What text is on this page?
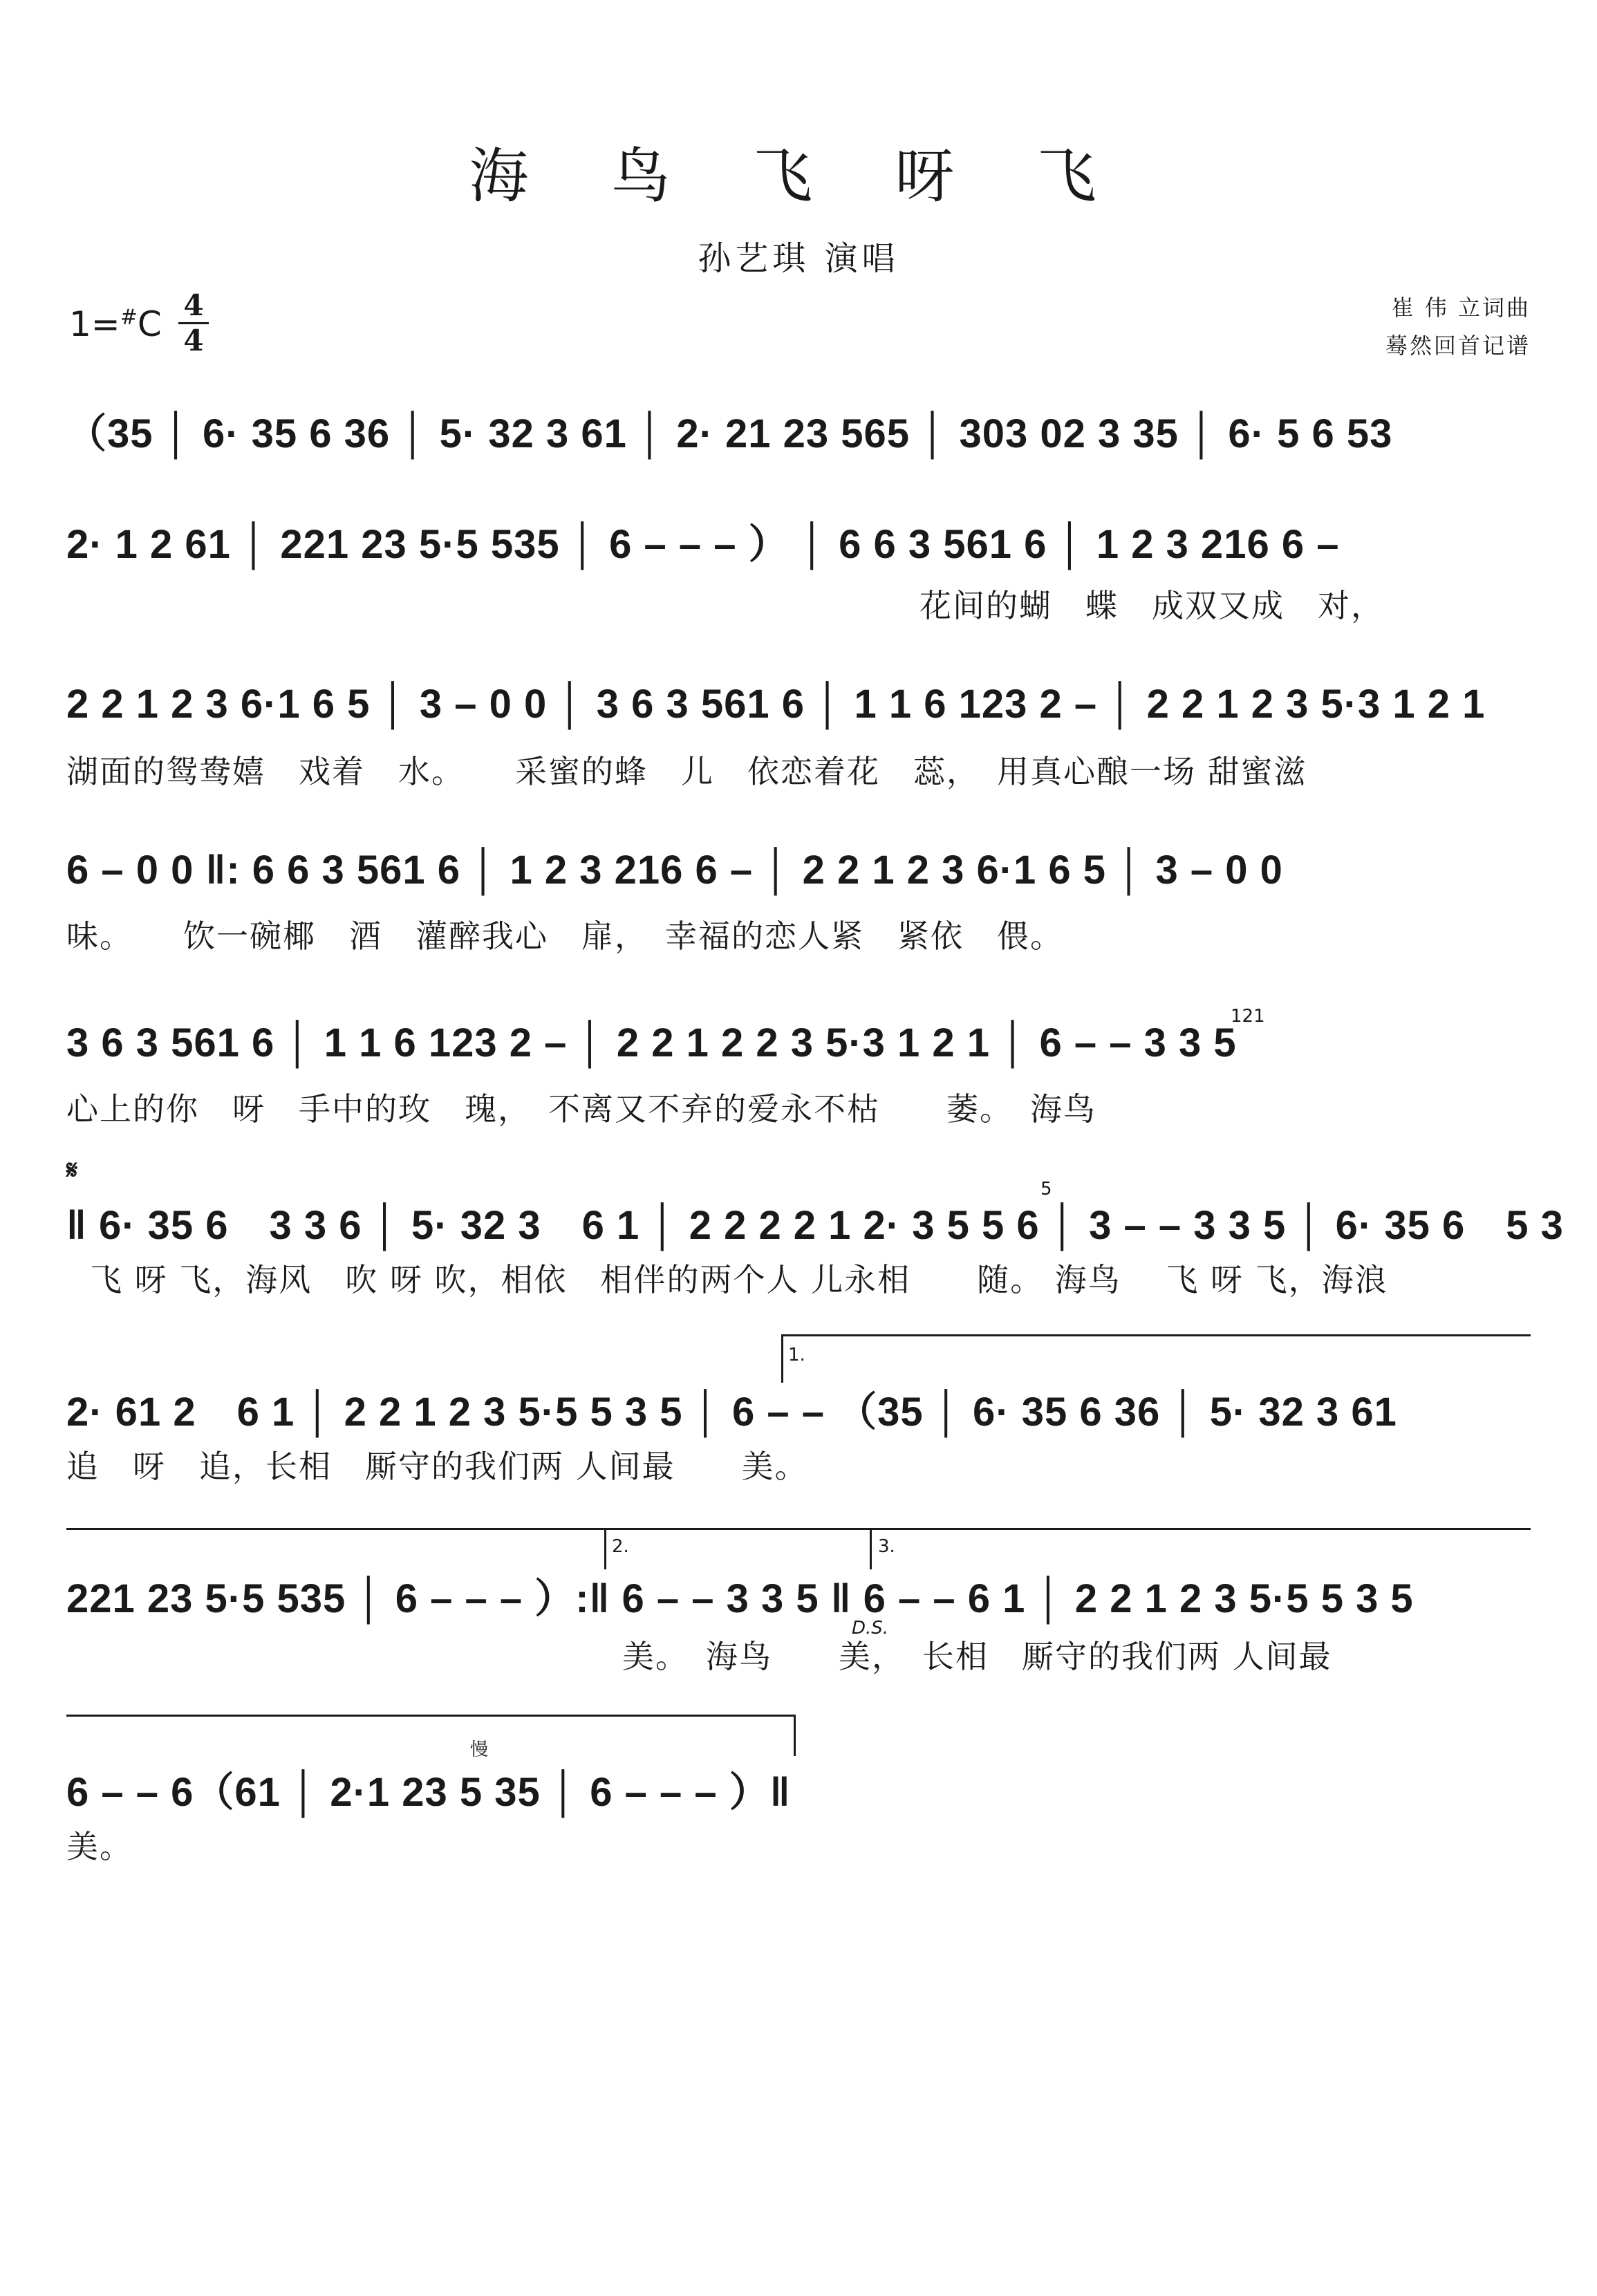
海 鸟 飞 呀 飞
孙艺琪 演唱
1=#C 4
4
崔 伟 立词曲
蓦然回首记谱
（35 │ 6· 35 6 36 │ 5· 32 3 61 │ 2· 21 23 565 │ 303 02 3 35 │ 6· 5 6 53
2· 1 2 61 │ 221 23 5·5 535 │ 6 – – – ） │ 6 6 3 561 6 │ 1 2 3 216 6 –
花间的蝴　蝶　成双又成　对，
2 2 1 2 3 6·1 6 5 │ 3 – 0 0 │ 3 6 3 561 6 │ 1 1 6 123 2 – │ 2 2 1 2 3 5·3 1 2 1
湖面的鸳鸯嬉　戏着　水。　　采蜜的蜂　儿　依恋着花　蕊，　用真心酿一场 甜蜜滋
6 – 0 0 ‖: 6 6 3 561 6 │ 1 2 3 216 6 – │ 2 2 1 2 3 6·1 6 5 │ 3 – 0 0
味。　　饮一碗椰　酒　灌醉我心　扉，　幸福的恋人紧　紧依　偎。
121
3 6 3 561 6 │ 1 1 6 123 2 – │ 2 2 1 2 2 3 5·3 1 2 1 │ 6 – – 3 3 5
心上的你　呀　手中的玫　瑰，　不离又不弃的爱永不枯　　萎。　海鸟
𝄋
5
‖ 6· 35 6　3 3 6 │ 5· 32 3　6 1 │ 2 2 2 2 1 2· 3 5 5 6 │ 3 – – 3 3 5 │ 6· 35 6　5 3
飞 呀 飞，海风　吹 呀 吹，相依　相伴的两个人 儿永相　　随。 海鸟　 飞 呀 飞，海浪
1.
2· 61 2　6 1 │ 2 2 1 2 3 5·5 5 3 5 │ 6 – – （35 │ 6· 35 6 36 │ 5· 32 3 61
追　呀　追，长相　厮守的我们两 人间最　　美。
2.	3.
221 23 5·5 535 │ 6 – – – ）:‖ 6 – – 3 3 5 ‖ 6 – – 6 1 │ 2 2 1 2 3 5·5 5 3 5
D.S.
美。　海鸟　　美，　长相　厮守的我们两 人间最
慢
6 – – 6（61 │ 2·1 23 5 35 │ 6 – – – ）‖
美。
